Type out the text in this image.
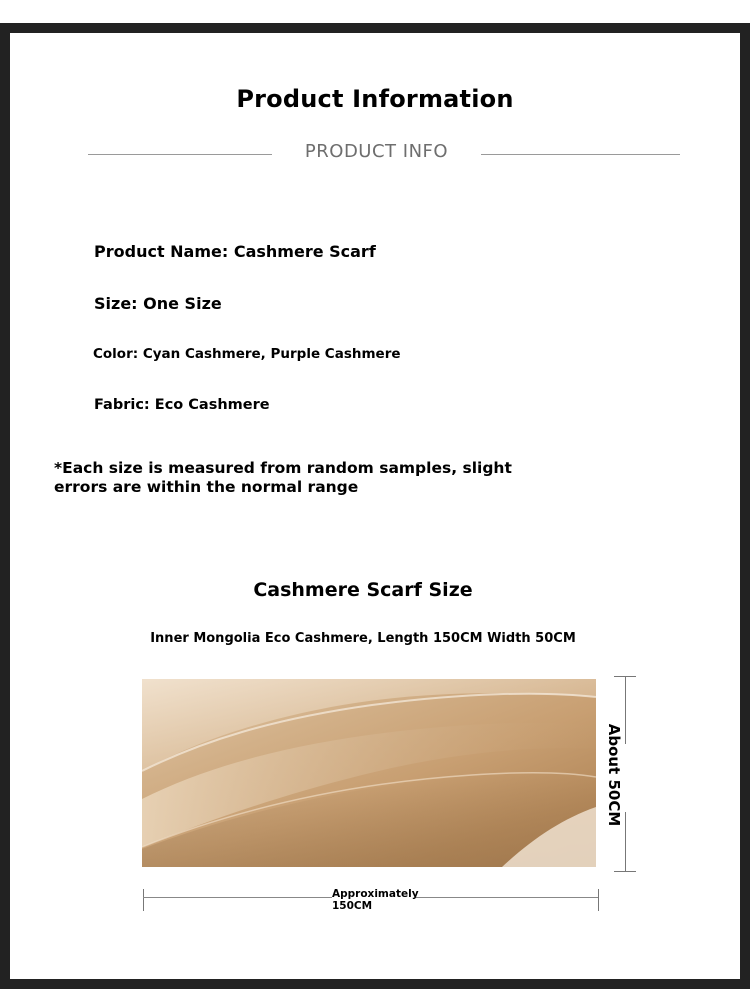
Product Information
PRODUCT INFO
Product Name: Cashmere Scarf
Size: One Size
Color: Cyan Cashmere, Purple Cashmere
Fabric: Eco Cashmere
*Each size is measured from random samples, slight errors are within the normal range
Cashmere Scarf Size
Inner Mongolia Eco Cashmere, Length 150CM Width 50CM
About 50CM
Approximately 150CM
